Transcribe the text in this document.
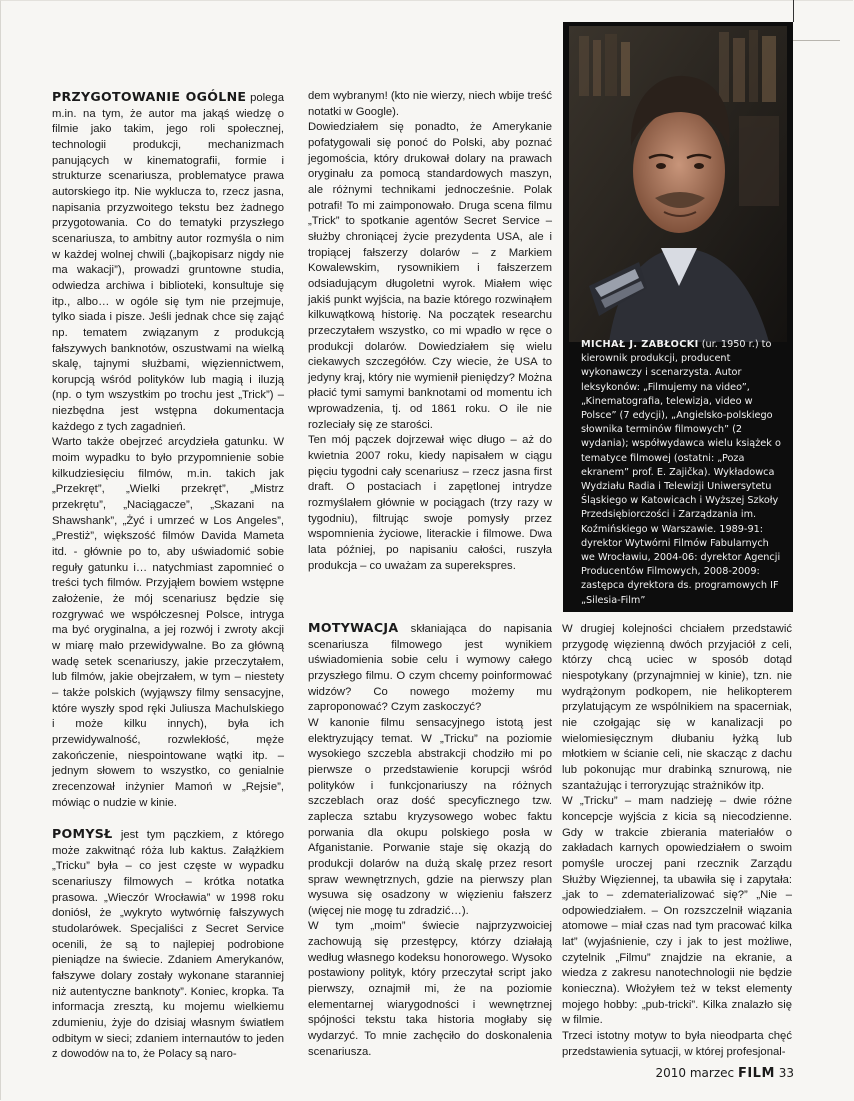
PRZYGOTOWANIE OGÓLNE polega m.in. na tym, że autor ma jakąś wiedzę o filmie jako takim, jego roli społecznej, technologii produkcji, mechanizmach panujących w kinematografii, formie i strukturze scenariusza, problematyce prawa autorskiego itp. Nie wyklucza to, rzecz jasna, napisania przyzwoitego tekstu bez żadnego przygotowania. Co do tematyki przyszłego scenariusza, to ambitny autor rozmyśla o nim w każdej wolnej chwili („bajkopisarz nigdy nie ma wakacji”), prowadzi gruntowne studia, odwiedza archiwa i biblioteki, konsultuje się itp., albo… w ogóle się tym nie przejmuje, tylko siada i pisze. Jeśli jednak chce się zająć np. tematem związanym z produkcją fałszywych banknotów, oszustwami na wielką skalę, tajnymi służbami, więziennictwem, korupcją wśród polityków lub magią i iluzją (np. o tym wszystkim po trochu jest „Trick”) – niezbędna jest wstępna dokumentacja każdego z tych zagadnień.

Warto także obejrzeć arcydzieła gatunku. W moim wypadku to było przypomnienie sobie kilkudziesięciu filmów, m.in. takich jak „Przekręt”, „Wielki przekręt”, „Mistrz przekrętu”, „Naciągacze”, „Skazani na Shawshank”, „Żyć i umrzeć w Los Angeles”, „Prestiż”, większość filmów Davida Mameta itd. - głównie po to, aby uświadomić sobie reguły gatunku i… natychmiast zapomnieć o treści tych filmów. Przyjąłem bowiem wstępne założenie, że mój scenariusz będzie się rozgrywać we współczesnej Polsce, intryga ma być oryginalna, a jej rozwój i zwroty akcji w miarę mało przewidywalne. Bo za główną wadę setek scenariuszy, jakie przeczytałem, lub filmów, jakie obejrzałem, w tym – niestety – także polskich (wyjąwszy filmy sensacyjne, które wyszły spod ręki Juliusza Machulskiego i może kilku innych), była ich przewidywalność, rozwlekłość, męże zakończenie, niespointowane wątki itp. – jednym słowem to wszystko, co genialnie zrecenzował inżynier Mamoń w „Rejsie”, mówiąc o nudzie w kinie.

POMYSŁ jest tym pączkiem, z którego może zakwitnąć róża lub kaktus. Załążkiem „Tricku” była – co jest częste w wypadku scenariuszy filmowych – krótka notatka prasowa. „Wieczór Wrocławia” w 1998 roku doniósł, że „wykryto wytwórnię fałszywych studolarówek. Specjaliści z Secret Service ocenili, że są to najlepiej podrobione pieniądze na świecie. Zdaniem Amerykanów, fałszywe dolary zostały wykonane staranniej niż autentyczne banknoty”. Koniec, kropka. Ta informacja zresztą, ku mojemu wielkiemu zdumieniu, żyje do dzisiaj własnym światłem odbitym w sieci; zdaniem internautów to jeden z dowodów na to, że Polacy są naro-

dem wybranym! (kto nie wierzy, niech wbije treść notatki w Google).

Dowiedziałem się ponadto, że Amerykanie pofatygowali się ponoć do Polski, aby poznać jegomościa, który drukował dolary na prawach oryginału za pomocą standardowych maszyn, ale różnymi technikami jednocześnie. Polak potrafi! To mi zaimponowało. Druga scena filmu „Trick” to spotkanie agentów Secret Service – służby chroniącej życie prezydenta USA, ale i tropiącej fałszerzy dolarów – z Markiem Kowalewskim, rysownikiem i fałszerzem odsiadującym długoletni wyrok. Miałem więc jakiś punkt wyjścia, na bazie którego rozwinąłem kilkuwątkową historię. Na początek researchu przeczytałem wszystko, co mi wpadło w ręce o produkcji dolarów. Dowiedziałem się wielu ciekawych szczegółów. Czy wiecie, że USA to jedyny kraj, który nie wymienił pieniędzy? Można płacić tymi samymi banknotami od momentu ich wprowadzenia, tj. od 1861 roku. O ile nie rozleciały się ze starości.

Ten mój pączek dojrzewał więc długo – aż do kwietnia 2007 roku, kiedy napisałem w ciągu pięciu tygodni cały scenariusz – rzecz jasna first draft. O postaciach i zapętlonej intrydze rozmyślałem głównie w pociągach (trzy razy w tygodniu), filtrując swoje pomysły przez wspomnienia życiowe, literackie i filmowe. Dwa lata później, po napisaniu całości, ruszyła produkcja – co uważam za superekspres.

MOTYWACJA skłaniająca do napisania scenariusza filmowego jest wynikiem uświadomienia sobie celu i wymowy całego przyszłego filmu. O czym chcemy poinformować widzów? Co nowego możemy mu zaproponować? Czym zaskoczyć?

W kanonie filmu sensacyjnego istotą jest elektryzujący temat. W „Tricku” na poziomie wysokiego szczebla abstrakcji chodziło mi po pierwsze o przedstawienie korupcji wśród polityków i funkcjonariuszy na różnych szczeblach oraz dość specyficznego tzw. zaplecza sztabu kryzysowego wobec faktu porwania dla okupu polskiego posła w Afganistanie. Porwanie staje się okazją do produkcji dolarów na dużą skalę przez resort spraw wewnętrznych, gdzie na pierwszy plan wysuwa się osadzony w więzieniu fałszerz (więcej nie mogę tu zdradzić…).

W tym „moim” świecie najprzyzwoiciej zachowują się przestępcy, którzy działają według własnego kodeksu honorowego. Wysoko postawiony polityk, który przeczytał script jako pierwszy, oznajmił mi, że na poziomie elementarnej wiarygodności i wewnętrznej spójności tekstu taka historia mogłaby się wydarzyć. To mnie zachęciło do doskonalenia scenariusza.

MICHAŁ J. ZABŁOCKI (ur. 1950 r.) to kierownik produkcji, producent wykonawczy i scenarzysta. Autor leksykonów: „Filmujemy na video”, „Kinematografia, telewizja, video w Polsce” (7 edycji), „Angielsko-polskiego słownika terminów filmowych” (2 wydania); współwydawca wielu książek o tematyce filmowej (ostatni: „Poza ekranem” prof. E. Zajička). Wykładowca Wydziału Radia i Telewizji Uniwersytetu Śląskiego w Katowicach i Wyższej Szkoły Przedsiębiorczości i Zarządzania im. Koźmińskiego w Warszawie. 1989-91: dyrektor Wytwórni Filmów Fabularnych we Wrocławiu, 2004-06: dyrektor Agencji Producentów Filmowych, 2008-2009: zastępca dyrektora ds. programowych IF „Silesia-Film”

W drugiej kolejności chciałem przedstawić przygodę więzienną dwóch przyjaciół z celi, którzy chcą uciec w sposób dotąd niespotykany (przynajmniej w kinie), tzn. nie wydrążonym podkopem, nie helikopterem przylatującym ze wspólnikiem na spacerniak, nie czołgając się w kanalizacji po wielomiesięcznym dłubaniu łyżką lub młotkiem w ścianie celi, nie skacząc z dachu lub pokonując mur drabinką sznurową, nie szantażując i terroryzując strażników itp.

W „Tricku” – mam nadzieję – dwie różne koncepcje wyjścia z kicia są niecodzienne. Gdy w trakcie zbierania materiałów o zakładach karnych opowiedziałem o swoim pomyśle uroczej pani rzecznik Zarządu Służby Więziennej, ta ubawiła się i zapytała: „jak to – zdematerializować się?” „Nie – odpowiedziałem. – On rozszczelnił wiązania atomowe – miał czas nad tym pracować kilka lat” (wyjaśnienie, czy i jak to jest możliwe, czytelnik „Filmu” znajdzie na ekranie, a wiedza z zakresu nanotechnologii nie będzie konieczna). Włożyłem też w tekst elementy mojego hobby: „pub-tricki”. Kilka znalazło się w filmie.

Trzeci istotny motyw to była nieodparta chęć przedstawienia sytuacji, w której profesjonal-

2010 marzec FILM 33
